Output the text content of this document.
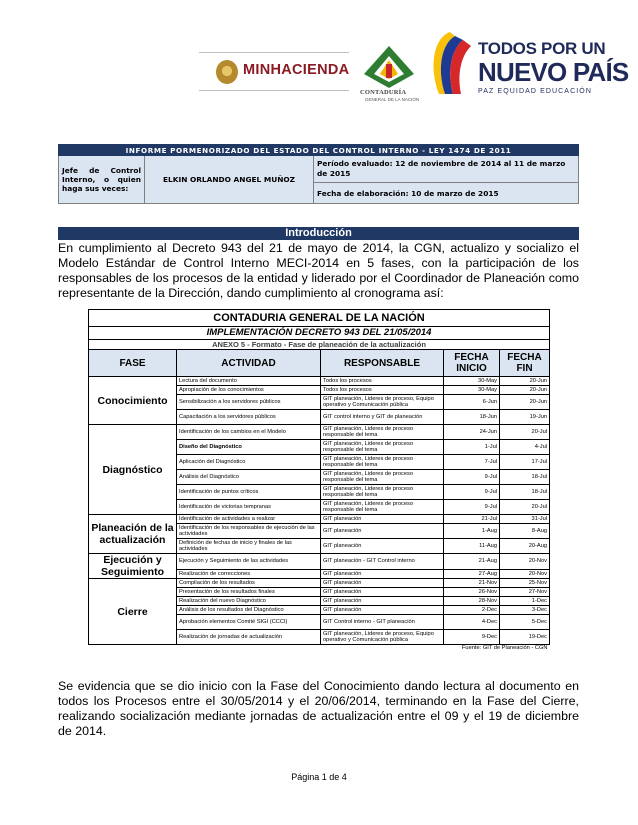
MINHACIENDA
CONTADURÍA
GENERAL DE LA NACIÓN
TODOS POR UN
NUEVO PAÍS
PAZ EQUIDAD EDUCACIÓN
INFORME PORMENORIZADO DEL ESTADO DEL CONTROL INTERNO - LEY 1474 DE 2011
Jefe de Control Interno, o quien haga sus veces:	ELKIN ORLANDO ANGEL MUÑOZ	Período evaluado: 12 de noviembre de 2014 al 11 de marzo de 2015
Fecha de elaboración: 10 de marzo de 2015
Introducción
En cumplimiento al Decreto 943 del 21 de mayo de 2014, la CGN, actualizo y socializo el Modelo Estándar de Control Interno MECI-2014 en 5 fases, con la participación de los responsables de los procesos de la entidad y liderado por el Coordinador de Planeación como representante de la Dirección, dando cumplimiento al cronograma así:
CONTADURIA GENERAL DE LA NACIÓN				
IMPLEMENTACIÓN DECRETO 943 DEL 21/05/2014				
ANEXO 5 - Formato - Fase de planeación de la actualización				
FASE	ACTIVIDAD	RESPONSABLE	FECHA INICIO	FECHA FIN
Conocimiento	Lectura del documento	Todos los procesos	30-May	20-Jun
	Apropiación de los conocimientos	Todos los procesos	30-May	20-Jun
	Sensibilización a los servidores públicos	GIT planeación, Lideres de proceso, Equipo operativo y Comunicación pública	6-Jun	20-Jun
	Capacitación a los servidores públicos	GIT control interno y GIT de planeación	18-Jun	19-Jun
Diagnóstico	Identificación de los cambios en el Modelo	GIT planeación, Lideres de proceso responsable del tema	24-Jun	20-Jul
	Diseño del Diagnóstico	GIT planeación, Lideres de proceso responsable del tema	1-Jul	4-Jul
	Aplicación del Diagnóstico	GIT planeación, Lideres de proceso responsable del tema	7-Jul	17-Jul
	Análisis del Diagnóstico	GIT planeación, Lideres de proceso responsable del tema	9-Jul	18-Jul
	Identificación de puntos críticos	GIT planeación, Lideres de proceso responsable del tema	9-Jul	18-Jul
	Identificación de victorias tempranas	GIT planeación, Lideres de proceso responsable del tema	9-Jul	20-Jul
Planeación de la actualización	Identificación de actividades a realizar	GIT planeación	21-Jul	31-Jul
	Identificación de los responsables de ejecución de las actividades	GIT planeación	1-Aug	8-Aug
	Definición de fechas de inicio y finales de las actividades	GIT planeación	11-Aug	20-Aug
Ejecución y Seguimiento	Ejecución y Seguimiento de las actividades	GIT planeación - GIT Control interno	21-Aug	20-Nov
	Realización de correcciones	GIT planeación	27-Aug	20-Nov
Cierre	Compilación de los resultados	GIT planeación	21-Nov	25-Nov
	Presentación de los resultados finales	GIT planeación	26-Nov	27-Nov
	Realización del nuevo Diagnóstico	GIT planeación	28-Nov	1-Dec
	Análisis de los resultados del Diagnóstico	GIT planeación	2-Dec	3-Dec
	Aprobación elementos Comité SIGI (CCCI)	GIT Control interno - GIT planeación	4-Dec	5-Dec
	Realización de jornadas de actualización	GIT planeación, Lideres de proceso, Equipo operativo y Comunicación pública	9-Dec	19-Dec
Fuente: GIT de Planeación - CGN				
Se evidencia que se dio inicio con la Fase del Conocimiento dando lectura al documento en todos los Procesos entre el 30/05/2014 y el 20/06/2014, terminando en la Fase del Cierre, realizando socialización mediante jornadas de actualización entre el 09 y el 19 de diciembre de 2014.
Página 1 de 4
